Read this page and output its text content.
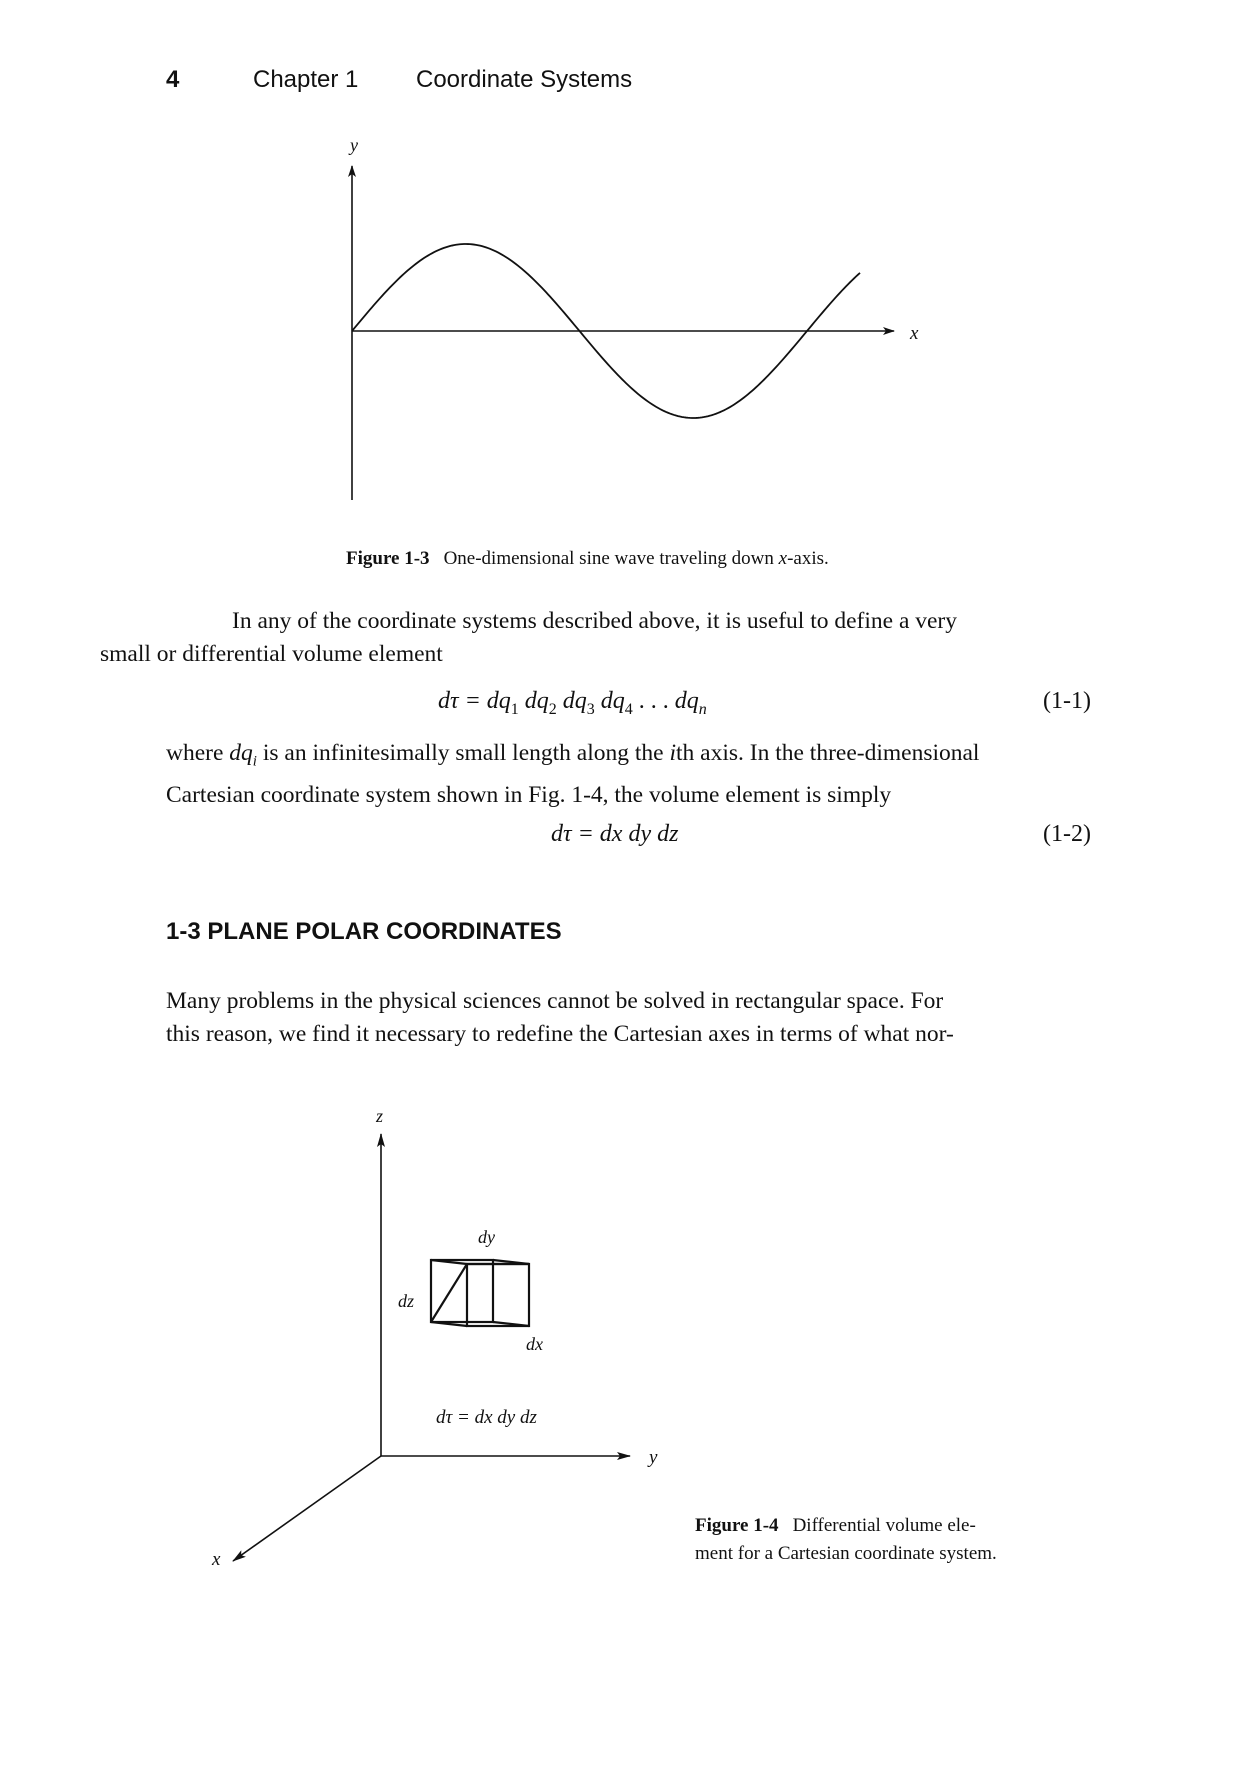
4	Chapter 1 Coordinate Systems
y
x
Figure 1-3 One-dimensional sine wave traveling down x-axis.
In any of the coordinate systems described above, it is useful to define a very
small or differential volume element
$d\tau = dq_1$ $dq_2$ $dq_3$ $dq_4$ . . . $dq_n$	(1-1)
where $dq_i$ is an infinitesimally small length along the ith axis. In the three-dimensional
Cartesian coordinate system shown in Fig. 1-4, the volume element is simply
dτ = dx dy dz	(1-2)
1-3 PLANE POLAR COORDINATES
Many problems in the physical sciences cannot be solved in rectangular space. For
this reason, we find it necessary to redefine the Cartesian axes in terms of what nor-
z
y
x
dy
dz
dx
dτ = dx dy dz
Figure 1-4 Differential volume ele-
ment for a Cartesian coordinate system.
